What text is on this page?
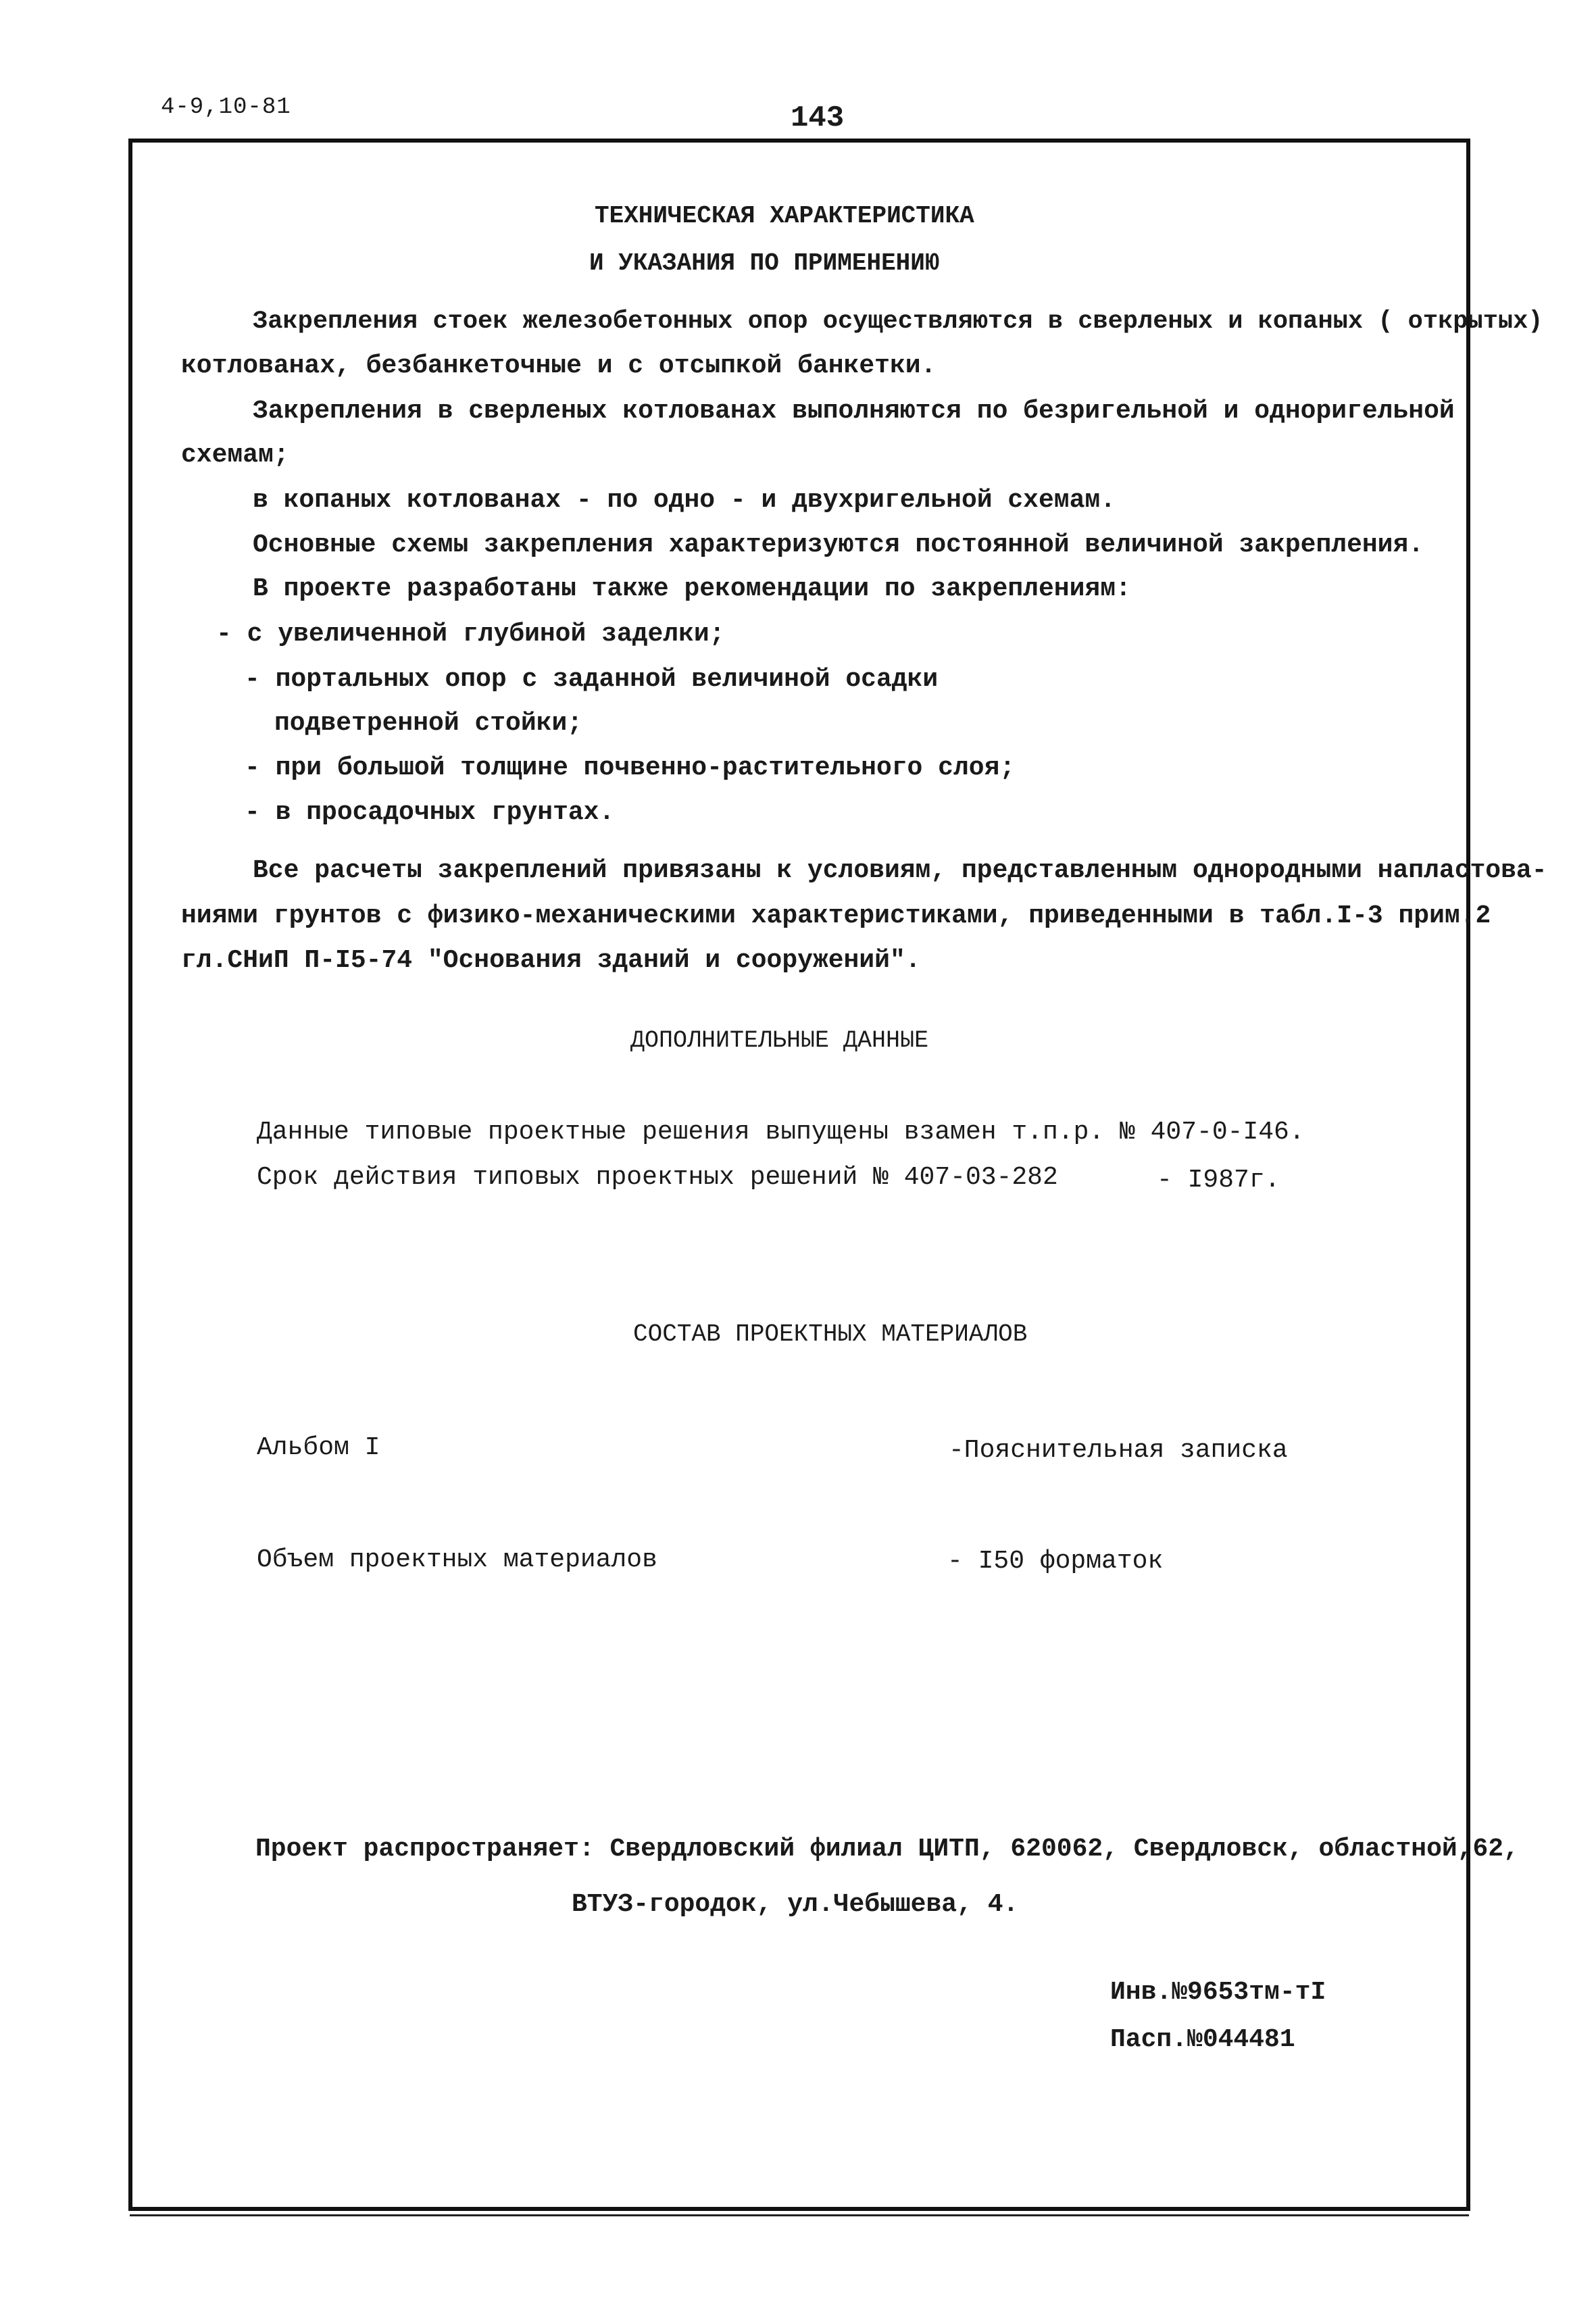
4-9,10-81	143
ТЕХНИЧЕСКАЯ ХАРАКТЕРИСТИКА
И УКАЗАНИЯ ПО ПРИМЕНЕНИЮ
Закрепления стоек железобетонных опор осуществляются в сверленых и копаных ( открытых)
котлованах, безбанкеточные и с отсыпкой банкетки.
Закрепления в сверленых котлованах выполняются по безригельной и одноригельной
схемам;
в копаных котлованах - по одно - и двухригельной схемам.
Основные схемы закрепления характеризуются постоянной величиной закрепления.
В проекте разработаны также рекомендации по закреплениям:
- с увеличенной глубиной заделки;
- портальных опор с заданной величиной осадки
подветренной стойки;
- при большой толщине почвенно-растительного слоя;
- в просадочных грунтах.
Все расчеты закреплений привязаны к условиям, представленным однородными напластова-
ниями грунтов с физико-механическими характеристиками, приведенными в табл.I-3 прим.2
гл.СНиП П-I5-74 "Основания зданий и сооружений".
ДОПОЛНИТЕЛЬНЫЕ ДАННЫЕ
Данные типовые проектные решения выпущены взамен т.п.р. № 407-0-I46.
Срок действия типовых проектных решений № 407-03-282	- I987г.
СОСТАВ ПРОЕКТНЫХ МАТЕРИАЛОВ
Альбом I	-Пояснительная записка
Объем проектных материалов	- I50 форматок
Проект распространяет: Свердловский филиал ЦИТП, 620062, Свердловск, областной,62,
ВТУЗ-городок, ул.Чебышева, 4.
Инв.№9653тм-тI
Пасп.№044481
